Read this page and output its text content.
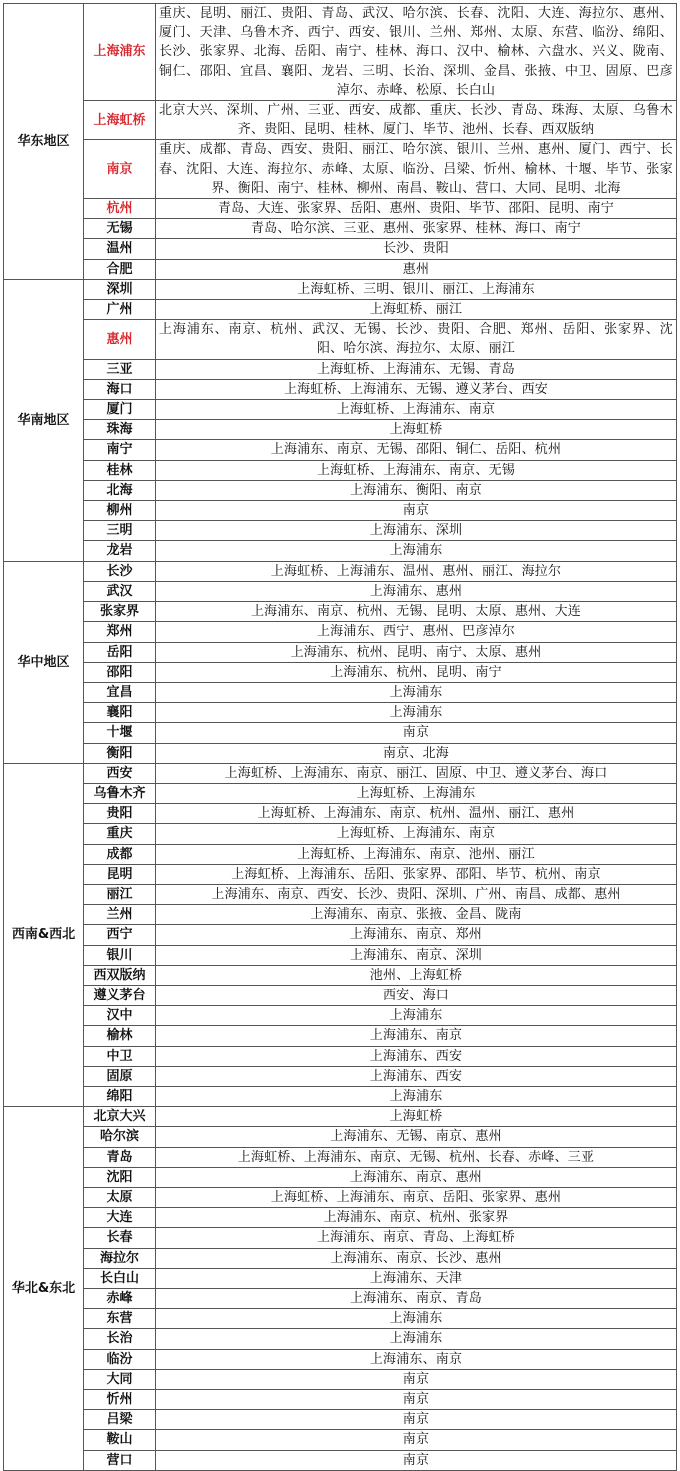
华东地区	上海浦东	重庆、昆明、丽江、贵阳、青岛、武汉、哈尔滨、长春、沈阳、大连、海拉尔、惠州、厦门、天津、乌鲁木齐、西宁、西安、银川、兰州、郑州、太原、东营、临汾、绵阳、长沙、张家界、北海、岳阳、南宁、桂林、海口、汉中、榆林、六盘水、兴义、陇南、铜仁、邵阳、宜昌、襄阳、龙岩、三明、长治、深圳、金昌、张掖、中卫、固原、巴彦淖尔、赤峰、松原、长白山
	上海虹桥	北京大兴、深圳、广州、三亚、西安、成都、重庆、长沙、青岛、珠海、太原、乌鲁木齐、贵阳、昆明、桂林、厦门、毕节、池州、长春、西双版纳
	南京	重庆、成都、青岛、西安、贵阳、丽江、哈尔滨、银川、兰州、惠州、厦门、西宁、长春、沈阳、大连、海拉尔、赤峰、太原、临汾、吕梁、忻州、榆林、十堰、毕节、张家界、衡阳、南宁、桂林、柳州、南昌、鞍山、营口、大同、昆明、北海
	杭州	青岛、大连、张家界、岳阳、惠州、贵阳、毕节、邵阳、昆明、南宁
	无锡	青岛、哈尔滨、三亚、惠州、张家界、桂林、海口、南宁
	温州	长沙、贵阳
	合肥	惠州
华南地区	深圳	上海虹桥、三明、银川、丽江、上海浦东
	广州	上海虹桥、丽江
	惠州	上海浦东、南京、杭州、武汉、无锡、长沙、贵阳、合肥、郑州、岳阳、张家界、沈阳、哈尔滨、海拉尔、太原、丽江
	三亚	上海虹桥、上海浦东、无锡、青岛
	海口	上海虹桥、上海浦东、无锡、遵义茅台、西安
	厦门	上海虹桥、上海浦东、南京
	珠海	上海虹桥
	南宁	上海浦东、南京、无锡、邵阳、铜仁、岳阳、杭州
	桂林	上海虹桥、上海浦东、南京、无锡
	北海	上海浦东、衡阳、南京
	柳州	南京
	三明	上海浦东、深圳
	龙岩	上海浦东
华中地区	长沙	上海虹桥、上海浦东、温州、惠州、丽江、海拉尔
	武汉	上海浦东、惠州
	张家界	上海浦东、南京、杭州、无锡、昆明、太原、惠州、大连
	郑州	上海浦东、西宁、惠州、巴彦淖尔
	岳阳	上海浦东、杭州、昆明、南宁、太原、惠州
	邵阳	上海浦东、杭州、昆明、南宁
	宜昌	上海浦东
	襄阳	上海浦东
	十堰	南京
	衡阳	南京、北海
西南&西北	西安	上海虹桥、上海浦东、南京、丽江、固原、中卫、遵义茅台、海口
	乌鲁木齐	上海虹桥、上海浦东
	贵阳	上海虹桥、上海浦东、南京、杭州、温州、丽江、惠州
	重庆	上海虹桥、上海浦东、南京
	成都	上海虹桥、上海浦东、南京、池州、丽江
	昆明	上海虹桥、上海浦东、岳阳、张家界、邵阳、毕节、杭州、南京
	丽江	上海浦东、南京、西安、长沙、贵阳、深圳、广州、南昌、成都、惠州
	兰州	上海浦东、南京、张掖、金昌、陇南
	西宁	上海浦东、南京、郑州
	银川	上海浦东、南京、深圳
	西双版纳	池州、上海虹桥
	遵义茅台	西安、海口
	汉中	上海浦东
	榆林	上海浦东、南京
	中卫	上海浦东、西安
	固原	上海浦东、西安
	绵阳	上海浦东
华北&东北	北京大兴	上海虹桥
	哈尔滨	上海浦东、无锡、南京、惠州
	青岛	上海虹桥、上海浦东、南京、无锡、杭州、长春、赤峰、三亚
	沈阳	上海浦东、南京、惠州
	太原	上海虹桥、上海浦东、南京、岳阳、张家界、惠州
	大连	上海浦东、南京、杭州、张家界
	长春	上海浦东、南京、青岛、上海虹桥
	海拉尔	上海浦东、南京、长沙、惠州
	长白山	上海浦东、天津
	赤峰	上海浦东、南京、青岛
	东营	上海浦东
	长治	上海浦东
	临汾	上海浦东、南京
	大同	南京
	忻州	南京
	吕梁	南京
	鞍山	南京
	营口	南京
